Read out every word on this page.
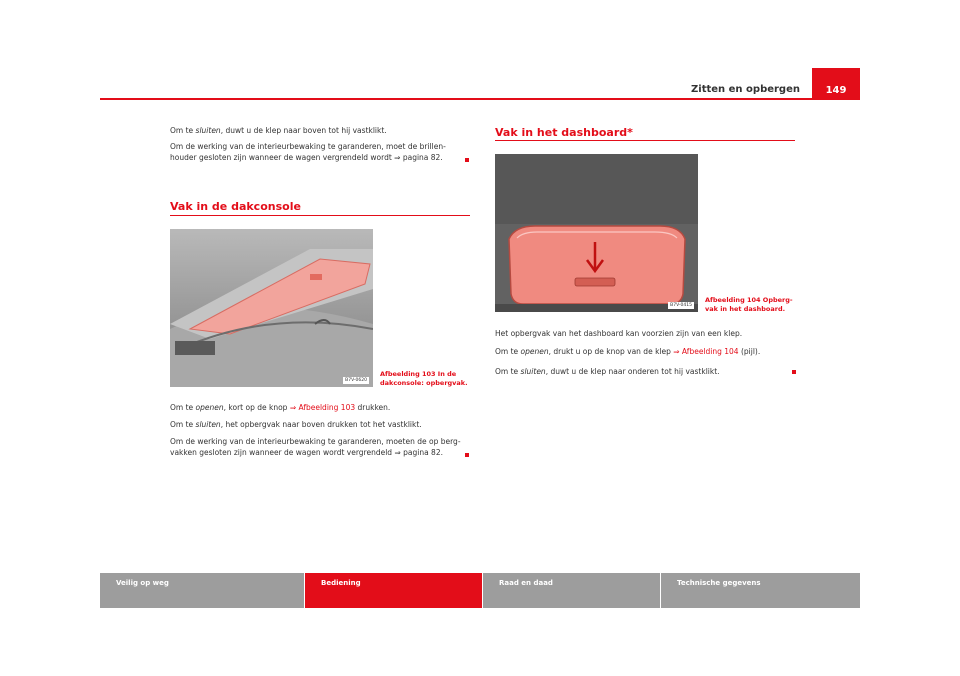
Zitten en opbergen	149
Om te sluiten, duwt u de klep naar boven tot hij vastklikt.
Om de werking van de interieurbewaking te garanderen, moet de brillen-
houder gesloten zijn wanneer de wagen vergrendeld wordt ⇒ pagina 82.
Vak in de dakconsole
B7V-0620
Afbeelding 103 In de
dakconsole: opbergvak.
Om te openen, kort op de knop ⇒ Afbeelding 103 drukken.
Om te sluiten, het opbergvak naar boven drukken tot het vastklikt.
Om de werking van de interieurbewaking te garanderen, moeten de op berg-
vakken gesloten zijn wanneer de wagen wordt vergrendeld ⇒ pagina 82.
Vak in het dashboard*
B7V-0415
Afbeelding 104 Opberg-
vak in het dashboard.
Het opbergvak van het dashboard kan voorzien zijn van een klep.
Om te openen, drukt u op de knop van de klep ⇒ Afbeelding 104 (pijl).
Om te sluiten, duwt u de klep naar onderen tot hij vastklikt.
Veilig op weg	Bediening	Raad en daad	Technische gegevens
